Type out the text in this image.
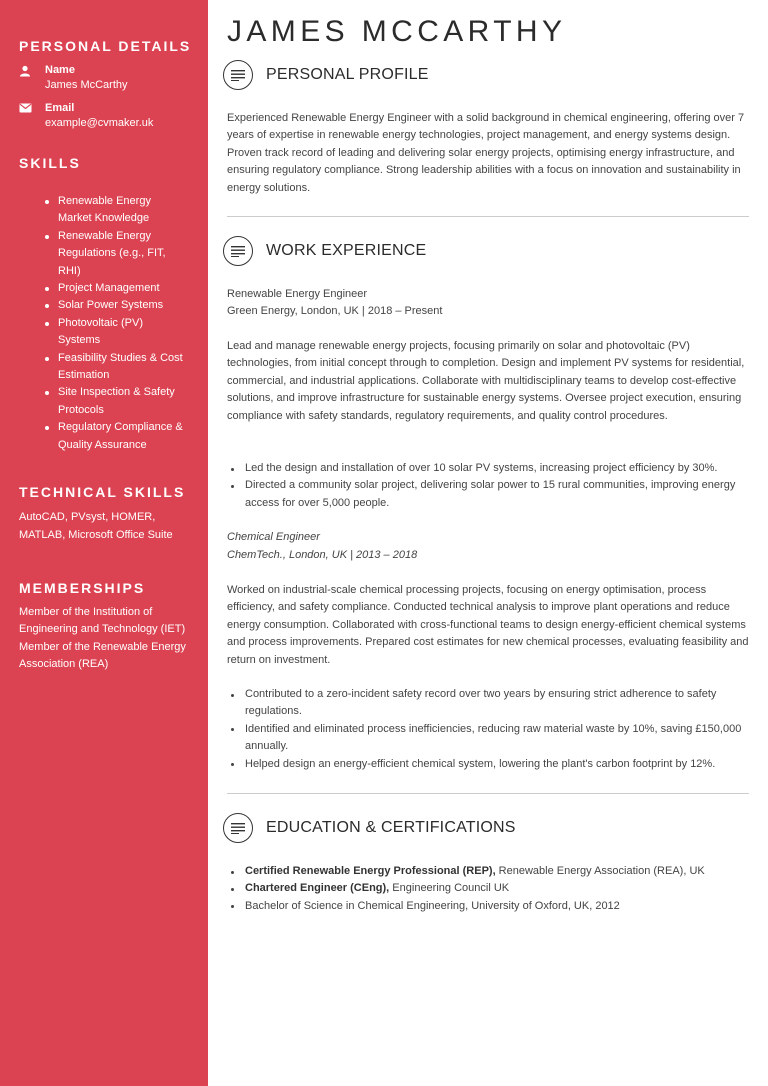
PERSONAL DETAILS
Name
James McCarthy
Email
example@cvmaker.uk
SKILLS
Renewable Energy Market Knowledge
Renewable Energy Regulations (e.g., FIT, RHI)
Project Management
Solar Power Systems
Photovoltaic (PV) Systems
Feasibility Studies & Cost Estimation
Site Inspection & Safety Protocols
Regulatory Compliance & Quality Assurance
TECHNICAL SKILLS
AutoCAD, PVsyst, HOMER, MATLAB, Microsoft Office Suite
MEMBERSHIPS
Member of the Institution of Engineering and Technology (IET)
Member of the Renewable Energy Association (REA)
JAMES MCCARTHY
PERSONAL PROFILE

Experienced Renewable Energy Engineer with a solid background in chemical engineering, offering over 7 years of expertise in renewable energy technologies, project management, and energy systems design. Proven track record of leading and delivering solar energy projects, optimising energy infrastructure, and ensuring regulatory compliance. Strong leadership abilities with a focus on innovation and sustainability in energy solutions.

WORK EXPERIENCE
Renewable Energy Engineer
Green Energy, London, UK | 2018 – Present

Lead and manage renewable energy projects, focusing primarily on solar and photovoltaic (PV) technologies, from initial concept through to completion. Design and implement PV systems for residential, commercial, and industrial applications. Collaborate with multidisciplinary teams to develop cost-effective solutions, and improve infrastructure for sustainable energy systems. Oversee project execution, ensuring compliance with safety standards, regulatory requirements, and quality control procedures.

Led the design and installation of over 10 solar PV systems, increasing project efficiency by 30%.
Directed a community solar project, delivering solar power to 15 rural communities, improving energy access for over 5,000 people.
Chemical Engineer
ChemTech., London, UK | 2013 – 2018

Worked on industrial-scale chemical processing projects, focusing on energy optimisation, process efficiency, and safety compliance. Conducted technical analysis to improve plant operations and reduce energy consumption. Collaborated with cross-functional teams to design energy-efficient chemical systems and process improvements. Prepared cost estimates for new chemical processes, evaluating feasibility and return on investment.

Contributed to a zero-incident safety record over two years by ensuring strict adherence to safety regulations.
Identified and eliminated process inefficiencies, reducing raw material waste by 10%, saving £150,000 annually.
Helped design an energy-efficient chemical system, lowering the plant's carbon footprint by 12%.
EDUCATION & CERTIFICATIONS
Certified Renewable Energy Professional (REP), Renewable Energy Association (REA), UK
Chartered Engineer (CEng), Engineering Council UK
Bachelor of Science in Chemical Engineering, University of Oxford, UK, 2012
